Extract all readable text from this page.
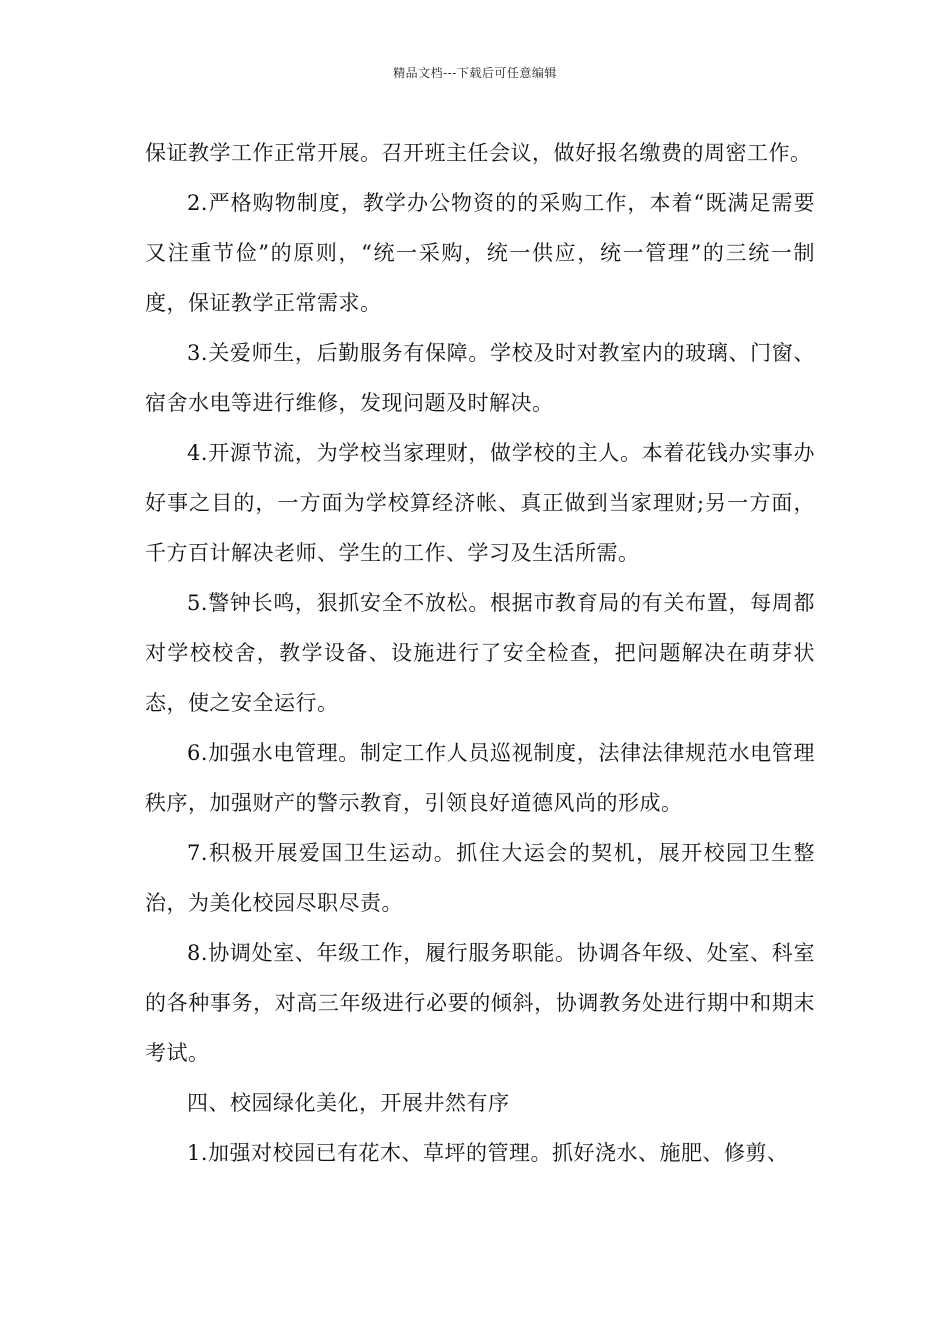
精品文档---下载后可任意编辑

保证教学工作正常开展。召开班主任会议，做好报名缴费的周密工作。

2.严格购物制度，教学办公物资的的采购工作，本着“既满足需要又注重节俭”的原则，“统一采购，统一供应，统一管理”的三统一制度，保证教学正常需求。

3.关爱师生，后勤服务有保障。学校及时对教室内的玻璃、门窗、宿舍水电等进行维修，发现问题及时解决。

4.开源节流，为学校当家理财，做学校的主人。本着花钱办实事办好事之目的，一方面为学校算经济帐、真正做到当家理财;另一方面，千方百计解决老师、学生的工作、学习及生活所需。

5.警钟长鸣，狠抓安全不放松。根据市教育局的有关布置，每周都对学校校舍，教学设备、设施进行了安全检查，把问题解决在萌芽状态，使之安全运行。

6.加强水电管理。制定工作人员巡视制度，法律法律规范水电管理秩序，加强财产的警示教育，引领良好道德风尚的形成。

7.积极开展爱国卫生运动。抓住大运会的契机，展开校园卫生整治，为美化校园尽职尽责。

8.协调处室、年级工作，履行服务职能。协调各年级、处室、科室的各种事务，对高三年级进行必要的倾斜，协调教务处进行期中和期末考试。

四、校园绿化美化，开展井然有序

1.加强对校园已有花木、草坪的管理。抓好浇水、施肥、修剪、
